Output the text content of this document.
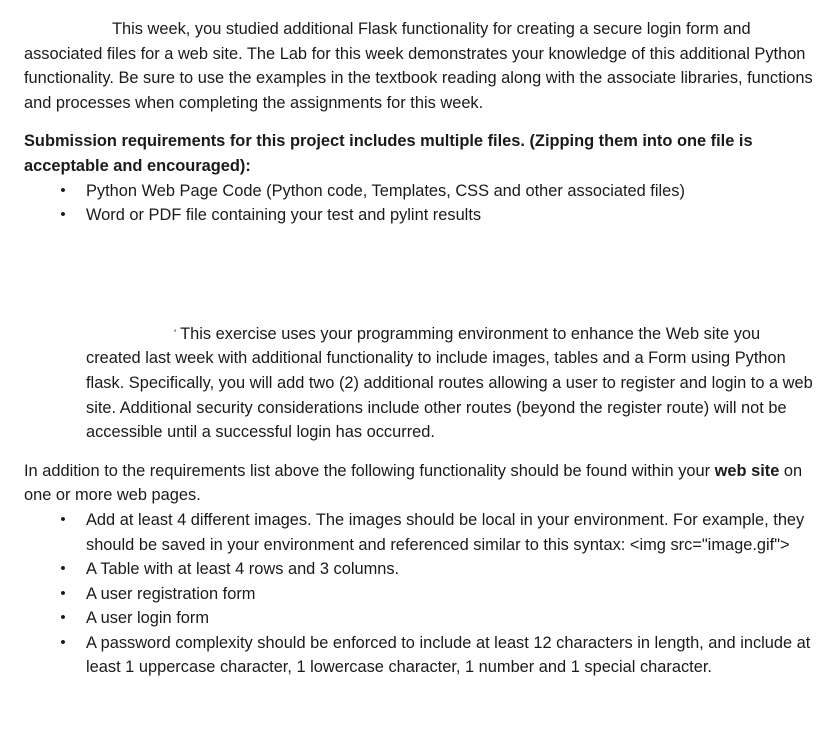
This week, you studied additional Flask functionality for creating a secure login form and associated files for a web site. The Lab for this week demonstrates your knowledge of this additional Python functionality. Be sure to use the examples in the textbook reading along with the associate libraries, functions and processes when completing the assignments for this week.

Submission requirements for this project includes multiple files. (Zipping them into one file is acceptable and encouraged):

• Python Web Page Code (Python code, Templates, CSS and other associated files)
• Word or PDF file containing your test and pylint results

' This exercise uses your programming environment to enhance the Web site you created last week with additional functionality to include images, tables and a Form using Python flask. Specifically, you will add two (2) additional routes allowing a user to register and login to a web site. Additional security considerations include other routes (beyond the register route) will not be accessible until a successful login has occurred.

In addition to the requirements list above the following functionality should be found within your web site on one or more web pages.

• Add at least 4 different images. The images should be local in your environment. For example, they should be saved in your environment and referenced similar to this syntax: <img src="image.gif">
• A Table with at least 4 rows and 3 columns.
• A user registration form
• A user login form
• A password complexity should be enforced to include at least 12 characters in length, and include at least 1 uppercase character, 1 lowercase character, 1 number and 1 special character.
